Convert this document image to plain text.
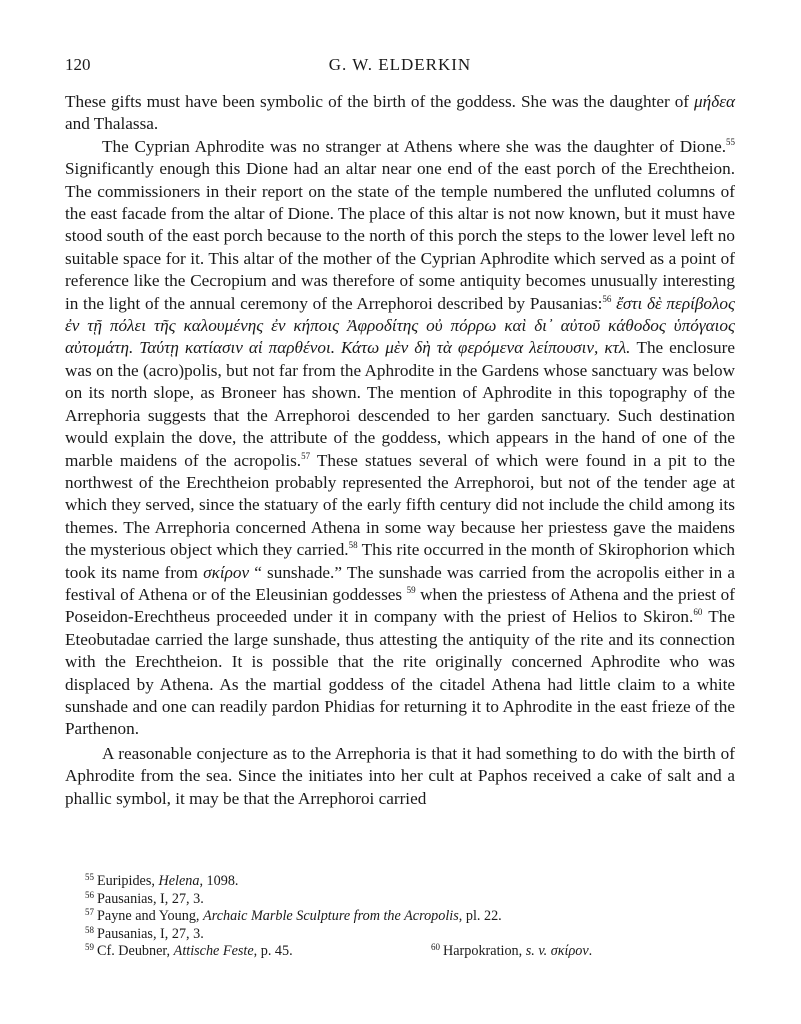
120	G. W. ELDERKIN

These gifts must have been symbolic of the birth of the goddess. She was the daughter of μήδεα and Thalassa.

The Cyprian Aphrodite was no stranger at Athens where she was the daughter of Dione.$^{55}$ Significantly enough this Dione had an altar near one end of the east porch of the Erechtheion. The commissioners in their report on the state of the temple numbered the unfluted columns of the east facade from the altar of Dione. The place of this altar is not now known, but it must have stood south of the east porch because to the north of this porch the steps to the lower level left no suitable space for it. This altar of the mother of the Cyprian Aphrodite which served as a point of reference like the Cecropium and was therefore of some antiquity becomes unusually interesting in the light of the annual ceremony of the Arrephoroi described by Pausanias:$^{56}$ ἔστι δὲ περίβολος ἐν τῇ πόλει τῆς καλουμένης ἐν κήποις Ἀφροδίτης οὐ πόρρω καὶ δι᾽ αὐτοῦ κάθοδος ὑπόγαιος αὐτομάτη. Ταύτῃ κατίασιν αἱ παρθένοι. Κάτω μὲν δὴ τὰ φερόμενα λείπουσιν, κτλ. The enclosure was on the (acro)polis, but not far from the Aphrodite in the Gardens whose sanctuary was below on its north slope, as Broneer has shown. The mention of Aphrodite in this topography of the Arrephoria suggests that the Arrephoroi descended to her garden sanctuary. Such destination would explain the dove, the attribute of the goddess, which appears in the hand of one of the marble maidens of the acropolis.$^{57}$ These statues several of which were found in a pit to the northwest of the Erechtheion probably represented the Arrephoroi, but not of the tender age at which they served, since the statuary of the early fifth century did not include the child among its themes. The Arrephoria concerned Athena in some way because her priestess gave the maidens the mysterious object which they carried.$^{58}$ This rite occurred in the month of Skirophorion which took its name from σκίρον “ sunshade.” The sunshade was carried from the acropolis either in a festival of Athena or of the Eleusinian goddesses $^{59}$ when the priestess of Athena and the priest of Poseidon-Erechtheus proceeded under it in company with the priest of Helios to Skiron.$^{60}$ The Eteobutadae carried the large sunshade, thus attesting the antiquity of the rite and its connection with the Erechtheion. It is possible that the rite originally concerned Aphrodite who was displaced by Athena. As the martial goddess of the citadel Athena had little claim to a white sunshade and one can readily pardon Phidias for returning it to Aphrodite in the east frieze of the Parthenon.

A reasonable conjecture as to the Arrephoria is that it had something to do with the birth of Aphrodite from the sea. Since the initiates into her cult at Paphos received a cake of salt and a phallic symbol, it may be that the Arrephoroi carried

$^{55}$ Euripides, Helena, 1098.
$^{56}$ Pausanias, I, 27, 3.
$^{57}$ Payne and Young, Archaic Marble Sculpture from the Acropolis, pl. 22.
$^{58}$ Pausanias, I, 27, 3.
$^{59}$ Cf. Deubner, Attische Feste, p. 45.	$^{60}$ Harpokration, s. v. σκίρον.
